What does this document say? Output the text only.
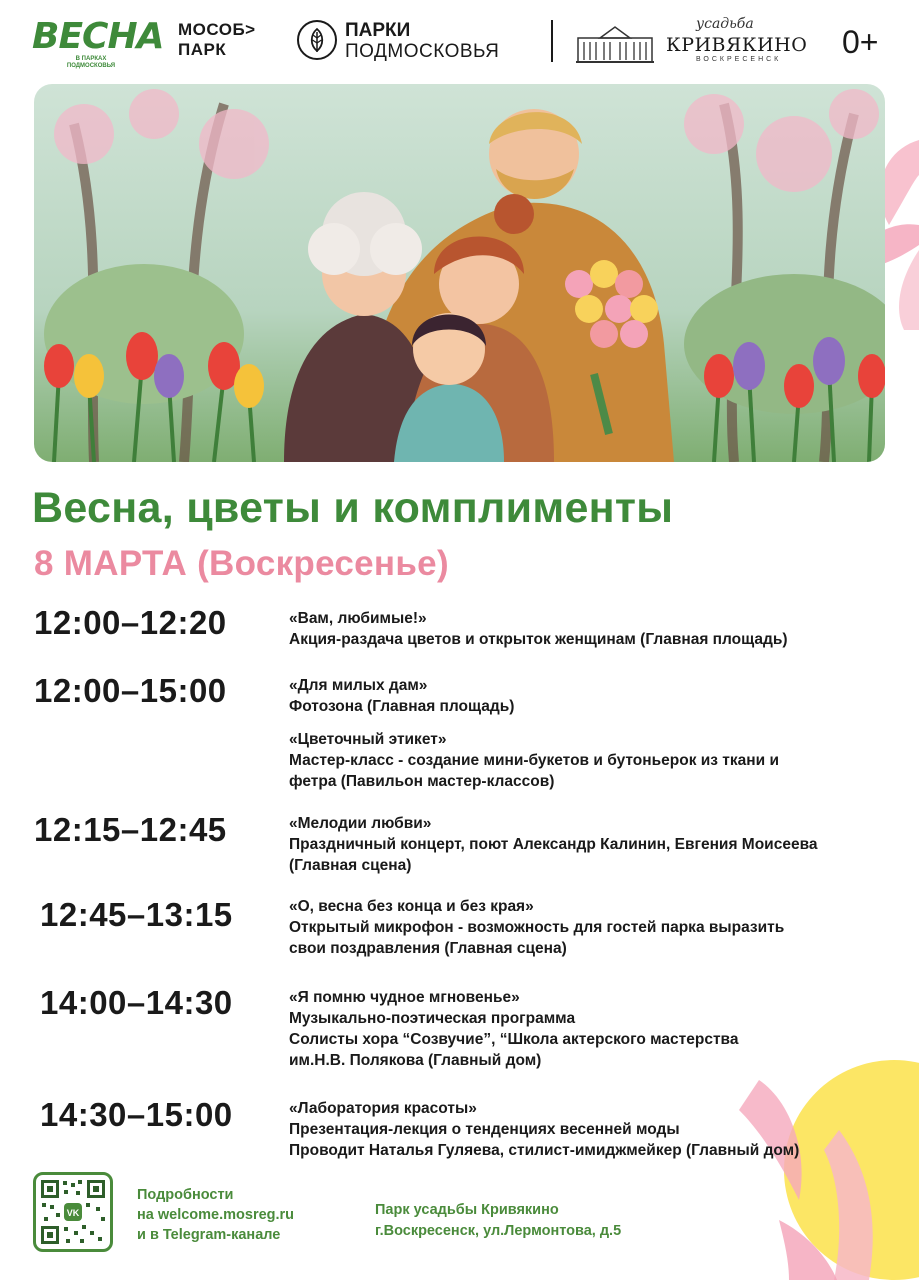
ВЕСНА
В ПАРКАХ ПОДМОСКОВЬЯ
МОСОБ>
ПАРК
ПАРКИ
ПОДМОСКОВЬЯ
усадьба
КРИВЯКИНО
ВОСКРЕСЕНСК 0+
Весна, цветы и комплименты
8 МАРТА (Воскресенье)
12:00–12:20	«Вам, любимые!»
Акция-раздача цветов и открыток женщинам (Главная площадь)
12:00–15:00	«Для милых дам»
Фотозона (Главная площадь)
«Цветочный этикет»
Мастер-класс - создание мини-букетов и бутоньерок из ткани и
фетра (Павильон мастер-классов)
12:15–12:45	«Мелодии любви»
Праздничный концерт, поют Александр Калинин, Евгения Моисеева
(Главная сцена)
12:45–13:15	«О, весна без конца и без края»
Открытый микрофон - возможность для гостей парка выразить
свои поздравления (Главная сцена)
14:00–14:30	«Я помню чудное мгновенье»
Музыкально-поэтическая программа
Солисты хора “Созвучие”, “Школа актерского мастерства
им.Н.В. Полякова (Главный дом)
14:30–15:00	«Лаборатория красоты»
Презентация-лекция о тенденциях весенней моды
Проводит Наталья Гуляева, стилист-имиджмейкер (Главный дом)
VK
Подробности
на welcome.mosreg.ru
и в Telegram-канале
Парк усадьбы Кривякино
г.Воскресенск, ул.Лермонтова, д.5
